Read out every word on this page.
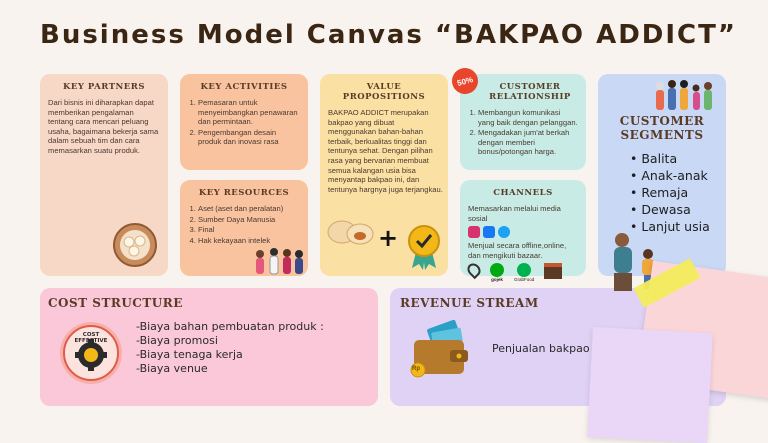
Business Model Canvas “BAKPAO ADDICT”
KEY PARTNERS
Dari bisnis ini diharapkan dapat memberikan pengalaman tentang cara mencari peluang usaha, bagaimana bekerja sama dalam sebuah tim dan cara memasarkan suatu produk.
KEY ACTIVITIES
1. Pemasaran untuk menyeimbangkan penawaran dan permintaan.
2. Pengembangan desain produk dan inovasi rasa
KEY RESOURCES
1. Aset (aset dan peralatan)
2. Sumber Daya Manusia
3. Final
4. Hak kekayaan intelek
VALUE PROPOSITIONS
BAKPAO ADDICT merupakan bakpao yang dibuat menggunakan bahan-bahan terbaik, berkualitas tinggi dan tentunya sehat. Dengan pilihan rasa yang bervarian membuat semua kalangan usia bisa menyantap bakpao ini, dan tentunya hargnya juga terjangkau.
+
CUSTOMER RELATIONSHIP
1. Membangun komunikasi yang baik dengan pelanggan.
2. Mengadakan jum'at berkah dengan memberi bonus/potongan harga.
50%
CHANNELS
Memasarkan melalui media sosial
Menjual secara offline,online, dan mengikuti bazaar.
gojek GrabFood
CUSTOMER SEGMENTS
• Balita
• Anak-anak
• Remaja
• Dewasa
• Lanjut usia
COST STRUCTURE
COST EFFECTIVE
-Biaya bahan pembuatan produk :
-Biaya promosi
-Biaya tenaga kerja
-Biaya venue
REVENUE STREAM
Rp
Penjualan bakpao
